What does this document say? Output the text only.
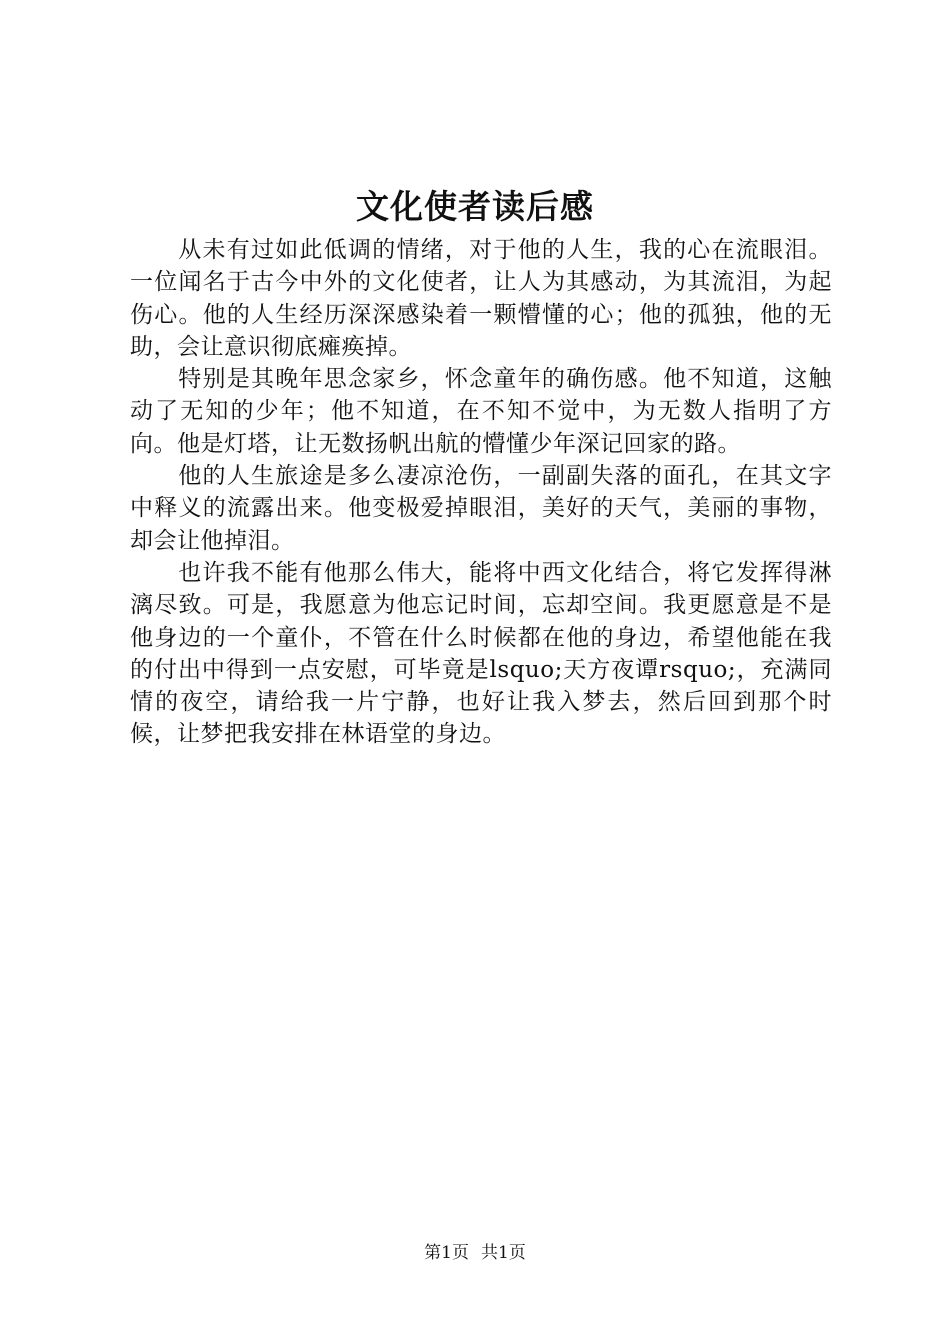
文化使者读后感

从未有过如此低调的情绪，对于他的人生，我的心在流眼泪。一位闻名于古今中外的文化使者，让人为其感动，为其流泪，为起伤心。他的人生经历深深感染着一颗懵懂的心；他的孤独，他的无助，会让意识彻底瘫痪掉。

特别是其晚年思念家乡，怀念童年的确伤感。他不知道，这触动了无知的少年；他不知道，在不知不觉中，为无数人指明了方向。他是灯塔，让无数扬帆出航的懵懂少年深记回家的路。

他的人生旅途是多么凄凉沧伤，一副副失落的面孔，在其文字中释义的流露出来。他变极爱掉眼泪，美好的天气，美丽的事物，却会让他掉泪。

也许我不能有他那么伟大，能将中西文化结合，将它发挥得淋漓尽致。可是，我愿意为他忘记时间，忘却空间。我更愿意是不是他身边的一个童仆，不管在什么时候都在他的身边，希望他能在我的付出中得到一点安慰，可毕竟是lsquo;天方夜谭rsquo;，充满同情的夜空，请给我一片宁静，也好让我入梦去，然后回到那个时候，让梦把我安排在林语堂的身边。

第1页 共1页
